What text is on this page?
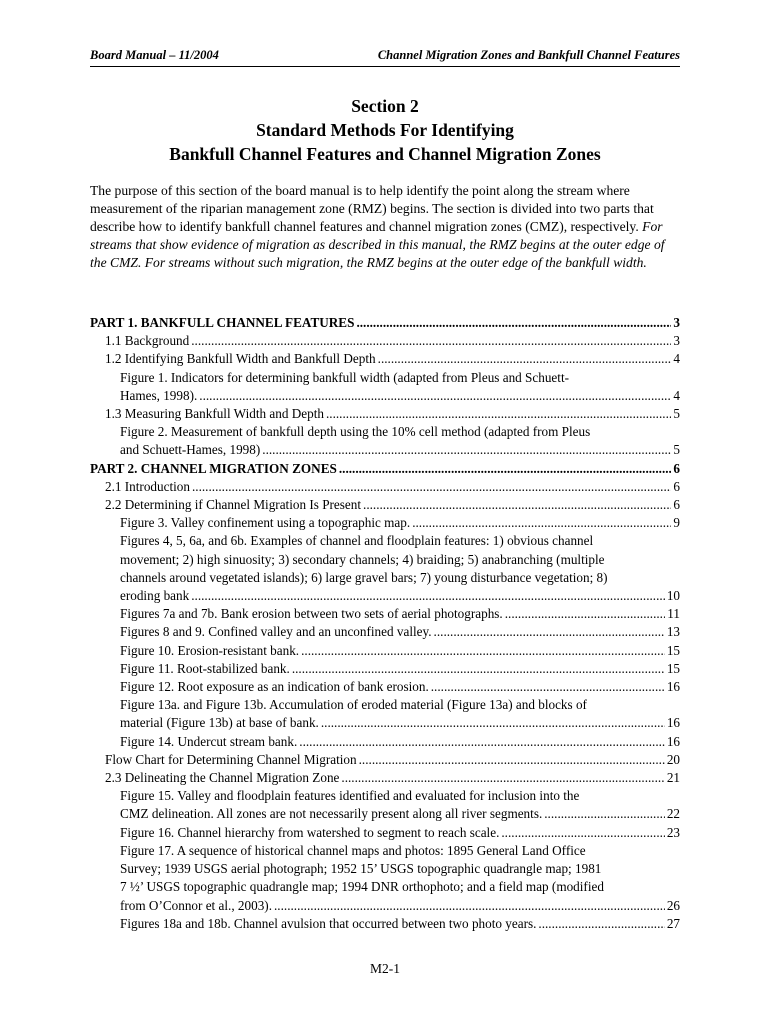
Board Manual – 11/2004	Channel Migration Zones and Bankfull Channel Features
Section 2
Standard Methods For Identifying
Bankfull Channel Features and Channel Migration Zones
The purpose of this section of the board manual is to help identify the point along the stream where measurement of the riparian management zone (RMZ) begins. The section is divided into two parts that describe how to identify bankfull channel features and channel migration zones (CMZ), respectively. For streams that show evidence of migration as described in this manual, the RMZ begins at the outer edge of the CMZ. For streams without such migration, the RMZ begins at the outer edge of the bankfull width.
PART 1. BANKFULL CHANNEL FEATURES .....	3
1.1 Background .....	3
1.2 Identifying Bankfull Width and Bankfull Depth .....	4
Figure 1. Indicators for determining bankfull width (adapted from Pleus and Schuett-
Hames, 1998). .....	4
1.3 Measuring Bankfull Width and Depth .....	5
Figure 2. Measurement of bankfull depth using the 10% cell method (adapted from Pleus
and Schuett-Hames, 1998) .....	5
PART 2. CHANNEL MIGRATION ZONES .....	6
2.1 Introduction .....	6
2.2 Determining if Channel Migration Is Present .....	6
Figure 3. Valley confinement using a topographic map. .....	9
Figures 4, 5, 6a, and 6b. Examples of channel and floodplain features: 1) obvious channel
movement; 2) high sinuosity; 3) secondary channels; 4) braiding; 5) anabranching (multiple
channels around vegetated islands); 6) large gravel bars; 7) young disturbance vegetation; 8)
eroding bank .....	10
Figures 7a and 7b. Bank erosion between two sets of aerial photographs. .....	11
Figures 8 and 9. Confined valley and an unconfined valley. .....	13
Figure 10. Erosion-resistant bank. .....	15
Figure 11. Root-stabilized bank. .....	15
Figure 12. Root exposure as an indication of bank erosion. .....	16
Figure 13a. and Figure 13b. Accumulation of eroded material (Figure 13a) and blocks of
material (Figure 13b) at base of bank. .....	16
Figure 14. Undercut stream bank. .....	16
Flow Chart for Determining Channel Migration .....	20
2.3 Delineating the Channel Migration Zone .....	21
Figure 15. Valley and floodplain features identified and evaluated for inclusion into the
CMZ delineation. All zones are not necessarily present along all river segments. .....	22
Figure 16. Channel hierarchy from watershed to segment to reach scale. .....	23
Figure 17. A sequence of historical channel maps and photos: 1895 General Land Office
Survey; 1939 USGS aerial photograph; 1952 15’ USGS topographic quadrangle map; 1981
7 ½’ USGS topographic quadrangle map; 1994 DNR orthophoto; and a field map (modified
from O’Connor et al., 2003). .....	26
Figures 18a and 18b. Channel avulsion that occurred between two photo years. .....	27
M2-1
